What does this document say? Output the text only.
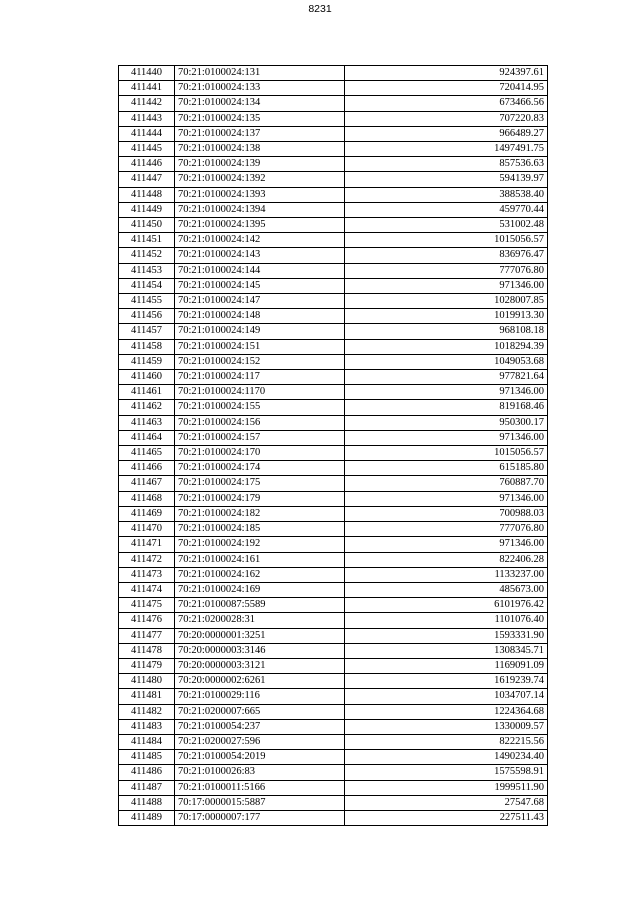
8231
411440	70:21:0100024:131	924397.61
411441	70:21:0100024:133	720414.95
411442	70:21:0100024:134	673466.56
411443	70:21:0100024:135	707220.83
411444	70:21:0100024:137	966489.27
411445	70:21:0100024:138	1497491.75
411446	70:21:0100024:139	857536.63
411447	70:21:0100024:1392	594139.97
411448	70:21:0100024:1393	388538.40
411449	70:21:0100024:1394	459770.44
411450	70:21:0100024:1395	531002.48
411451	70:21:0100024:142	1015056.57
411452	70:21:0100024:143	836976.47
411453	70:21:0100024:144	777076.80
411454	70:21:0100024:145	971346.00
411455	70:21:0100024:147	1028007.85
411456	70:21:0100024:148	1019913.30
411457	70:21:0100024:149	968108.18
411458	70:21:0100024:151	1018294.39
411459	70:21:0100024:152	1049053.68
411460	70:21:0100024:117	977821.64
411461	70:21:0100024:1170	971346.00
411462	70:21:0100024:155	819168.46
411463	70:21:0100024:156	950300.17
411464	70:21:0100024:157	971346.00
411465	70:21:0100024:170	1015056.57
411466	70:21:0100024:174	615185.80
411467	70:21:0100024:175	760887.70
411468	70:21:0100024:179	971346.00
411469	70:21:0100024:182	700988.03
411470	70:21:0100024:185	777076.80
411471	70:21:0100024:192	971346.00
411472	70:21:0100024:161	822406.28
411473	70:21:0100024:162	1133237.00
411474	70:21:0100024:169	485673.00
411475	70:21:0100087:5589	6101976.42
411476	70:21:0200028:31	1101076.40
411477	70:20:0000001:3251	1593331.90
411478	70:20:0000003:3146	1308345.71
411479	70:20:0000003:3121	1169091.09
411480	70:20:0000002:6261	1619239.74
411481	70:21:0100029:116	1034707.14
411482	70:21:0200007:665	1224364.68
411483	70:21:0100054:237	1330009.57
411484	70:21:0200027:596	822215.56
411485	70:21:0100054:2019	1490234.40
411486	70:21:0100026:83	1575598.91
411487	70:21:0100011:5166	1999511.90
411488	70:17:0000015:5887	27547.68
411489	70:17:0000007:177	227511.43
